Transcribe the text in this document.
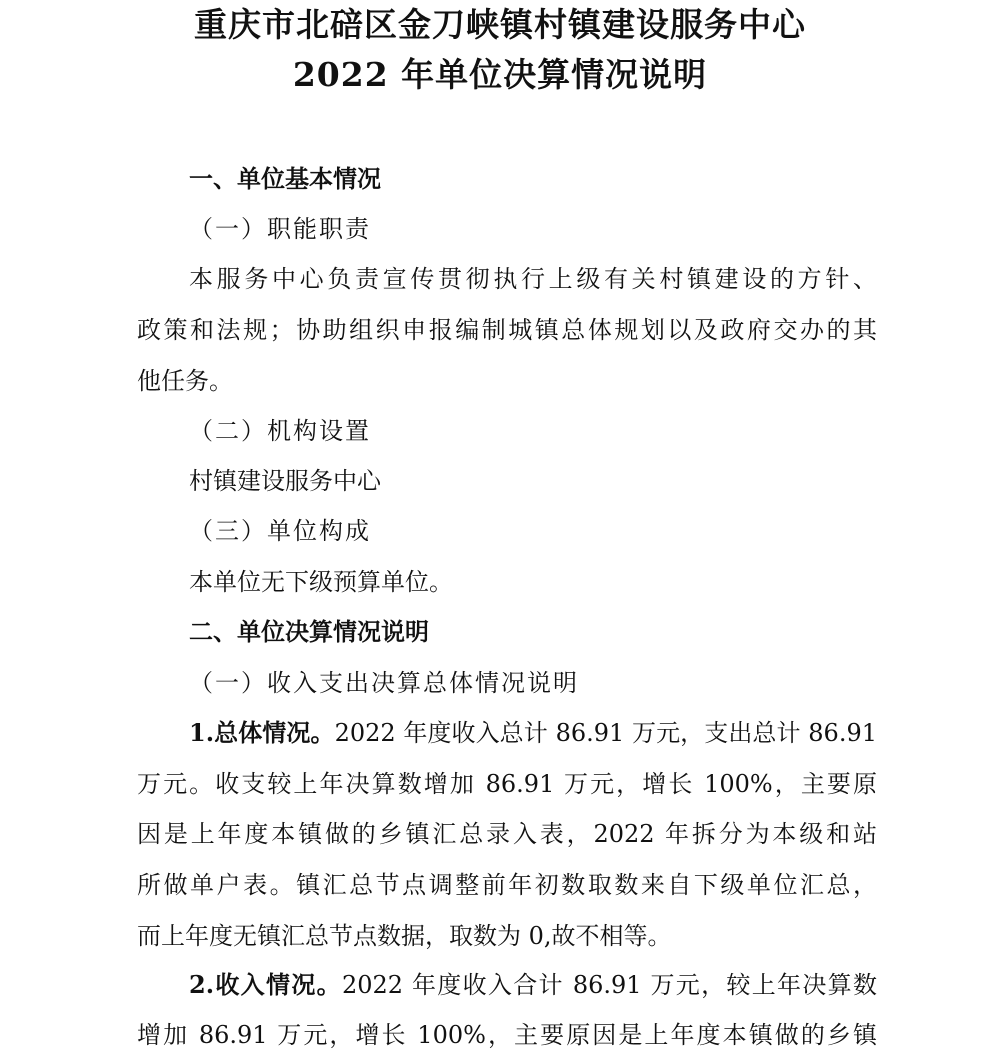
重庆市北碚区金刀峡镇村镇建设服务中心
2022 年单位决算情况说明
一、单位基本情况
（一）职能职责
本服务中心负责宣传贯彻执行上级有关村镇建设的方针、
政策和法规；协助组织申报编制城镇总体规划以及政府交办的其
他任务。
（二）机构设置
村镇建设服务中心
（三）单位构成
本单位无下级预算单位。
二、单位决算情况说明
（一）收入支出决算总体情况说明
1.总体情况。2022 年度收入总计 86.91 万元，支出总计 86.91
万元。收支较上年决算数增加 86.91 万元，增长 100%，主要原
因是上年度本镇做的乡镇汇总录入表，2022 年拆分为本级和站
所做单户表。镇汇总节点调整前年初数取数来自下级单位汇总，
而上年度无镇汇总节点数据，取数为 0,故不相等。
2.收入情况。2022 年度收入合计 86.91 万元，较上年决算数
增加 86.91 万元，增长 100%，主要原因是上年度本镇做的乡镇
